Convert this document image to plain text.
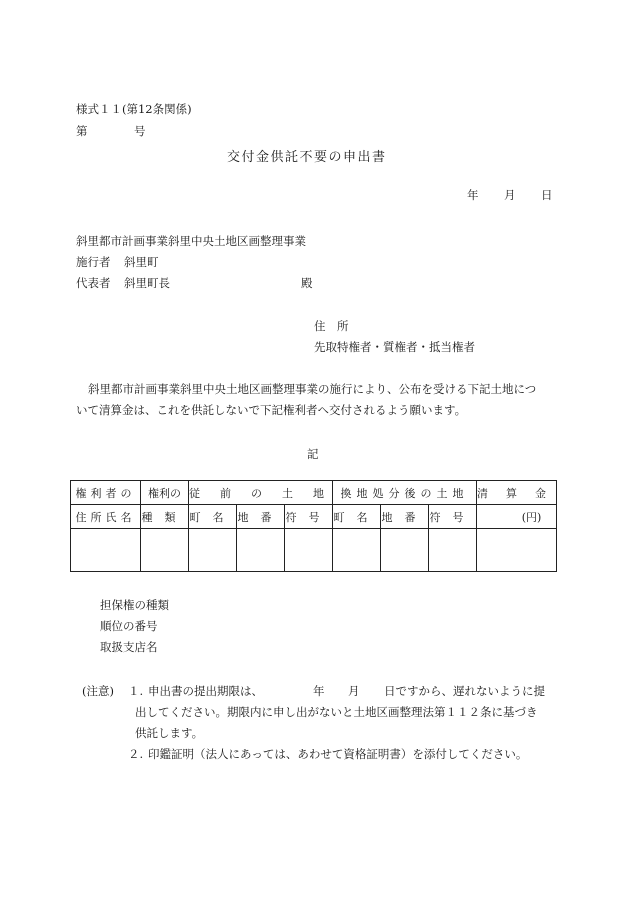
様式１１(第12条関係)
第	号
交付金供託不要の申出書
年 月 日
斜里都市計画事業斜里中央土地区画整理事業
施行者 斜里町
代表者 斜里町長	殿
住　所
先取特権者・質権者・抵当権者
斜里都市計画事業斜里中央土地区画整理事業の施行により、公布を受ける下記土地につ
いて清算金は、これを供託しないで下記権利者へ交付されるよう願います。
記
権利者の	権利の	従前の土地			換地処分後の土地			清算金
住所氏名	種類	町名	地番	符号	町名	地番	符号	(円)

担保権の種類
順位の番号
取扱支店名
(注意) １. 申出書の提出期限は、	年 月 日ですから、遅れないように提
出してください。期限内に申し出がないと土地区画整理法第１１２条に基づき
供託します。
２. 印鑑証明（法人にあっては、あわせて資格証明書）を添付してください。
